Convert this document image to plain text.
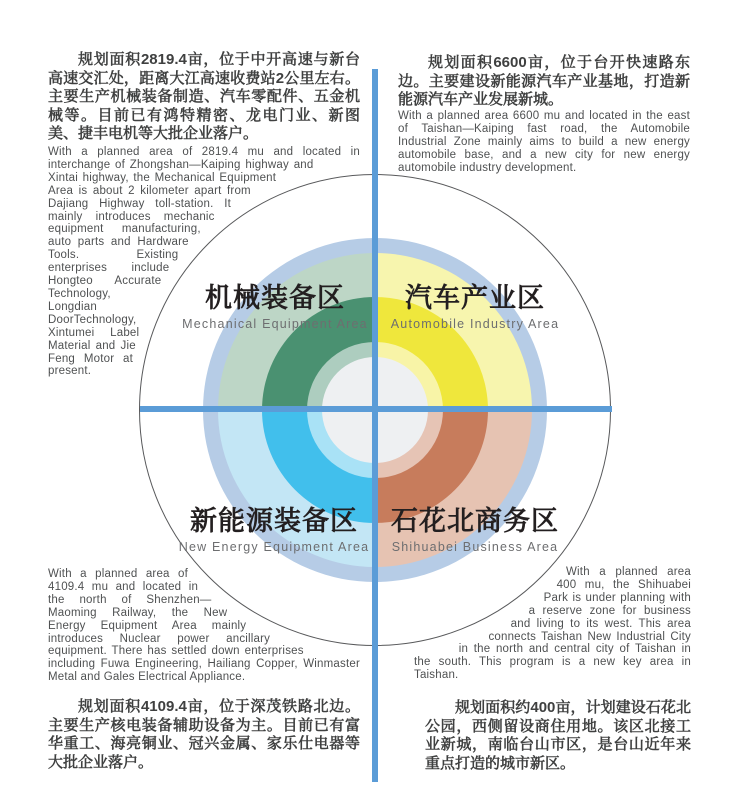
机械装备区
Mechanical Equipment Area
汽车产业区
Automobile Industry Area
新能源装备区
New Energy Equipment Area
石花北商务区
Shihuabei Business Area
规划面积2819.4亩，位于中开高速与新台高速交汇处，距离大江高速收费站2公里左右。主要生产机械装备制造、汽车零配件、五金机械等。目前已有鸿特精密、龙电门业、新图美、捷丰电机等大批企业落户。
With a planned area of 2819.4 mu and located in interchange of Zhongshan—Kaiping highway and Xintai highway, the Mechanical Equipment Area is about 2 kilometer apart from Dajiang Highway toll-station. It mainly introduces mechanic equipment manufacturing, auto parts and Hardware Tools. Existing enterprises include Hongteo Accurate Technology, Longdian DoorTechnology, Xintumei Label Material and Jie Feng Motor at present.
规划面积6600亩，位于台开快速路东边。主要建设新能源汽车产业基地，打造新能源汽车产业发展新城。
With a planned area 6600 mu and located in the east of Taishan—Kaiping fast road, the Automobile Industrial Zone mainly aims to build a new energy automobile base, and a new city for new energy automobile industry development.
With a planned area of 4109.4 mu and located in the north of Shenzhen—Maoming Railway, the New Energy Equipment Area mainly introduces Nuclear power ancillary equipment. There has settled down enterprises including Fuwa Engineering, Hailiang Copper, Winmaster Metal and Gales Electrical Appliance.
规划面积4109.4亩，位于深茂铁路北边。主要生产核电装备辅助设备为主。目前已有富华重工、海亮铜业、冠兴金属、家乐仕电器等大批企业落户。
With a planned area 400 mu, the Shihuabei Park is under planning with a reserve zone for business and living to its west. This area connects Taishan New Industrial City in the north and central city of Taishan in the south. This program is a new key area in Taishan.
规划面积约400亩，计划建设石花北公园，西侧留设商住用地。该区北接工业新城，南临台山市区，是台山近年来重点打造的城市新区。
